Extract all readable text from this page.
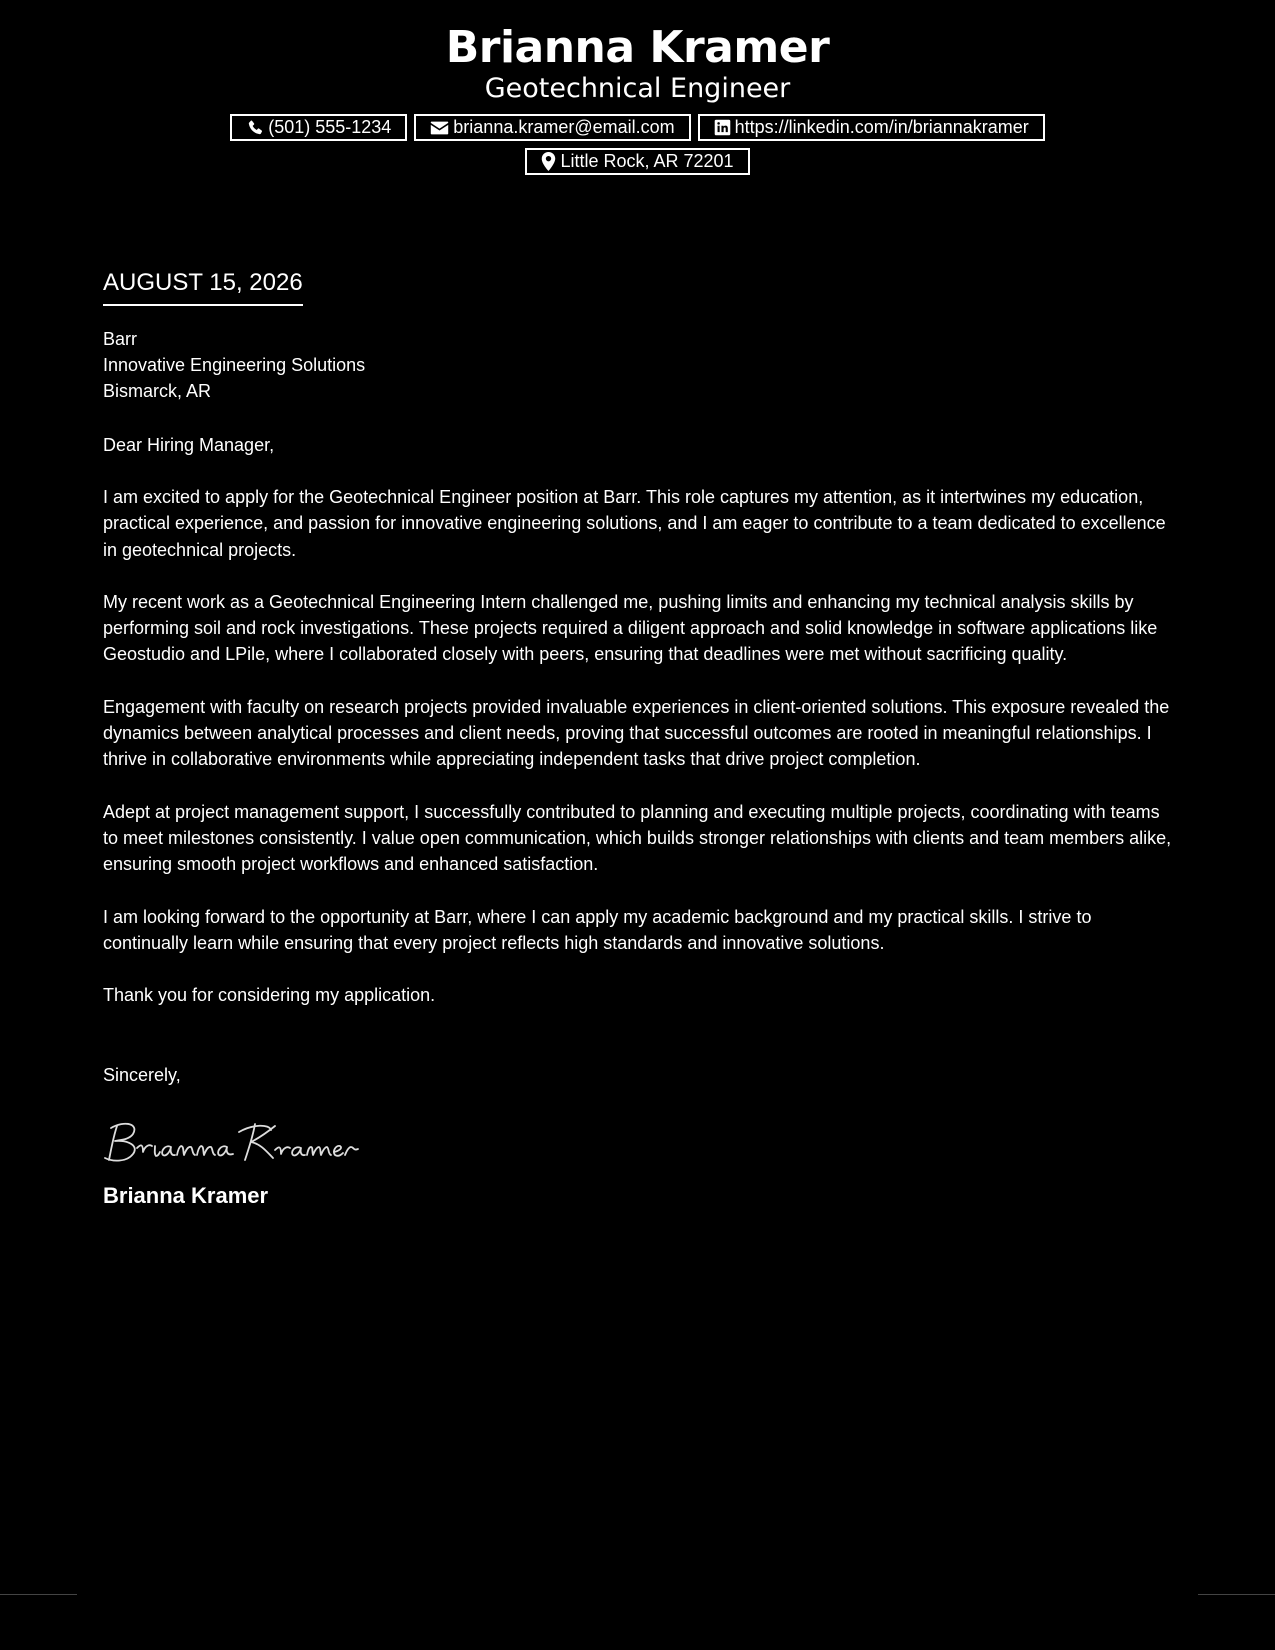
Brianna Kramer
Geotechnical Engineer
(501) 555-1234	brianna.kramer@email.com	https://linkedin.com/in/briannakramer
Little Rock, AR 72201
AUGUST 15, 2026
Barr
Innovative Engineering Solutions
Bismarck, AR
Dear Hiring Manager,
I am excited to apply for the Geotechnical Engineer position at Barr. This role captures my attention, as it intertwines my education, practical experience, and passion for innovative engineering solutions, and I am eager to contribute to a team dedicated to excellence in geotechnical projects.
My recent work as a Geotechnical Engineering Intern challenged me, pushing limits and enhancing my technical analysis skills by performing soil and rock investigations. These projects required a diligent approach and solid knowledge in software applications like Geostudio and LPile, where I collaborated closely with peers, ensuring that deadlines were met without sacrificing quality.
Engagement with faculty on research projects provided invaluable experiences in client-oriented solutions. This exposure revealed the dynamics between analytical processes and client needs, proving that successful outcomes are rooted in meaningful relationships. I thrive in collaborative environments while appreciating independent tasks that drive project completion.
Adept at project management support, I successfully contributed to planning and executing multiple projects, coordinating with teams to meet milestones consistently. I value open communication, which builds stronger relationships with clients and team members alike, ensuring smooth project workflows and enhanced satisfaction.
I am looking forward to the opportunity at Barr, where I can apply my academic background and my practical skills. I strive to continually learn while ensuring that every project reflects high standards and innovative solutions.
Thank you for considering my application.
Sincerely,
Brianna Kramer
